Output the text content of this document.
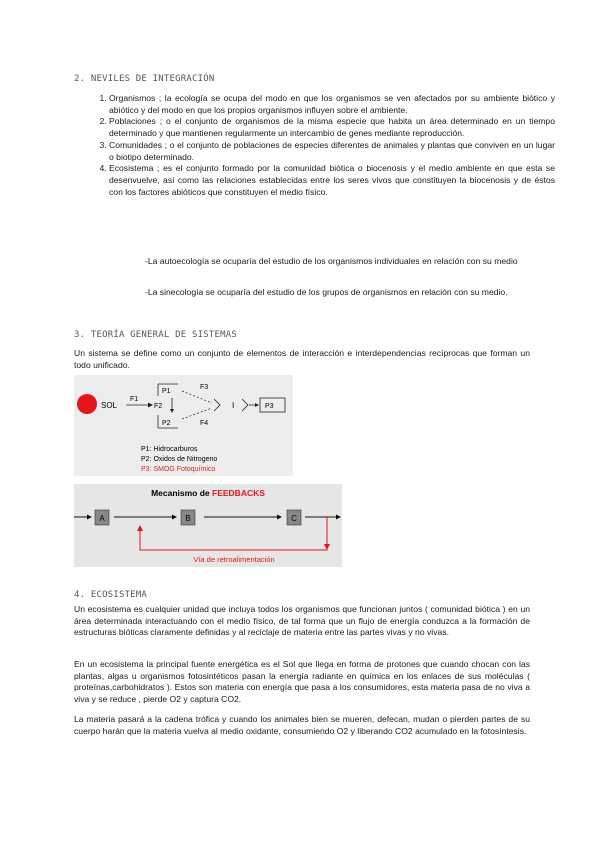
2. NEVILES DE INTEGRACIÓN
1. Organismos ; la ecología se ocupa del modo en que los organismos se ven afectados por su ambiente biótico y abiótico y del modo en que los propios organismos influyen sobre el ambiente.
2. Poblaciones ; o el conjunto de organismos de la misma especie que habita un área determinado en un tiempo determinado y que mantienen regularmente un intercambio de genes mediante reproducción.
3. Comunidades ; o el conjunto de poblaciones de especies diferentes de animales y plantas que conviven en un lugar o biotipo determinado.
4. Ecosistema ; es el conjunto formado por la comunidad biótica o biocenosis y el medio ambiente en que esta se desenvuelve, así como las relaciones establecidas entre los seres vivos que constituyen la biocenosis y de éstos con los factores abióticos que constituyen el medio físico.
-La autoecología se ocuparía del estudio de los organismos individuales en relación con su medio
-La sinecología se ocuparía del estudio de los grupos de organismos en relación con su medio.
3. TEORÍA GENERAL DE SISTEMAS
Un sistema se define como un conjunto de elementos de interacción e interdependencias recíprocas que forman un todo unificado.
SOL
F1
F2
P1
P2
F3
F4
I	P3
P1: Hidrocarburos
P2: Oxidos de Nitrogeno
P3: SMOG Fotoquímico
Mecanismo de FEEDBACKS
A	B	C
Vía de retroalimentación
4. ECOSISTEMA
Un ecosistema es cualquier unidad que incluya todos los organismos que funcionan juntos ( comunidad biótica ) en un área determinada interactuando con el medio físico, de tal forma que un flujo de energía conduzca a la formación de estructuras bióticas claramente definidas y al reciclaje de materia entre las partes vivas y no vivas.
En un ecosistema la principal fuente energética es el Sol que llega en forma de protones que cuando chocan con las plantas, algas u organismos fotosintéticos pasan la energía radiante en química en los enlaces de sus moléculas ( proteínas,carbohidratos ). Estos son materia con energía que pasa a los consumidores, esta materia pasa de no viva a viva y se reduce , pierde O2 y captura CO2.
La materia pasará a la cadena trófica y cuando los animales bien se mueren, defecan, mudan o pierden partes de su cuerpo harán que la materia vuelva al medio oxidante, consumiendo O2 y liberando CO2 acumulado en la fotosíntesis.
